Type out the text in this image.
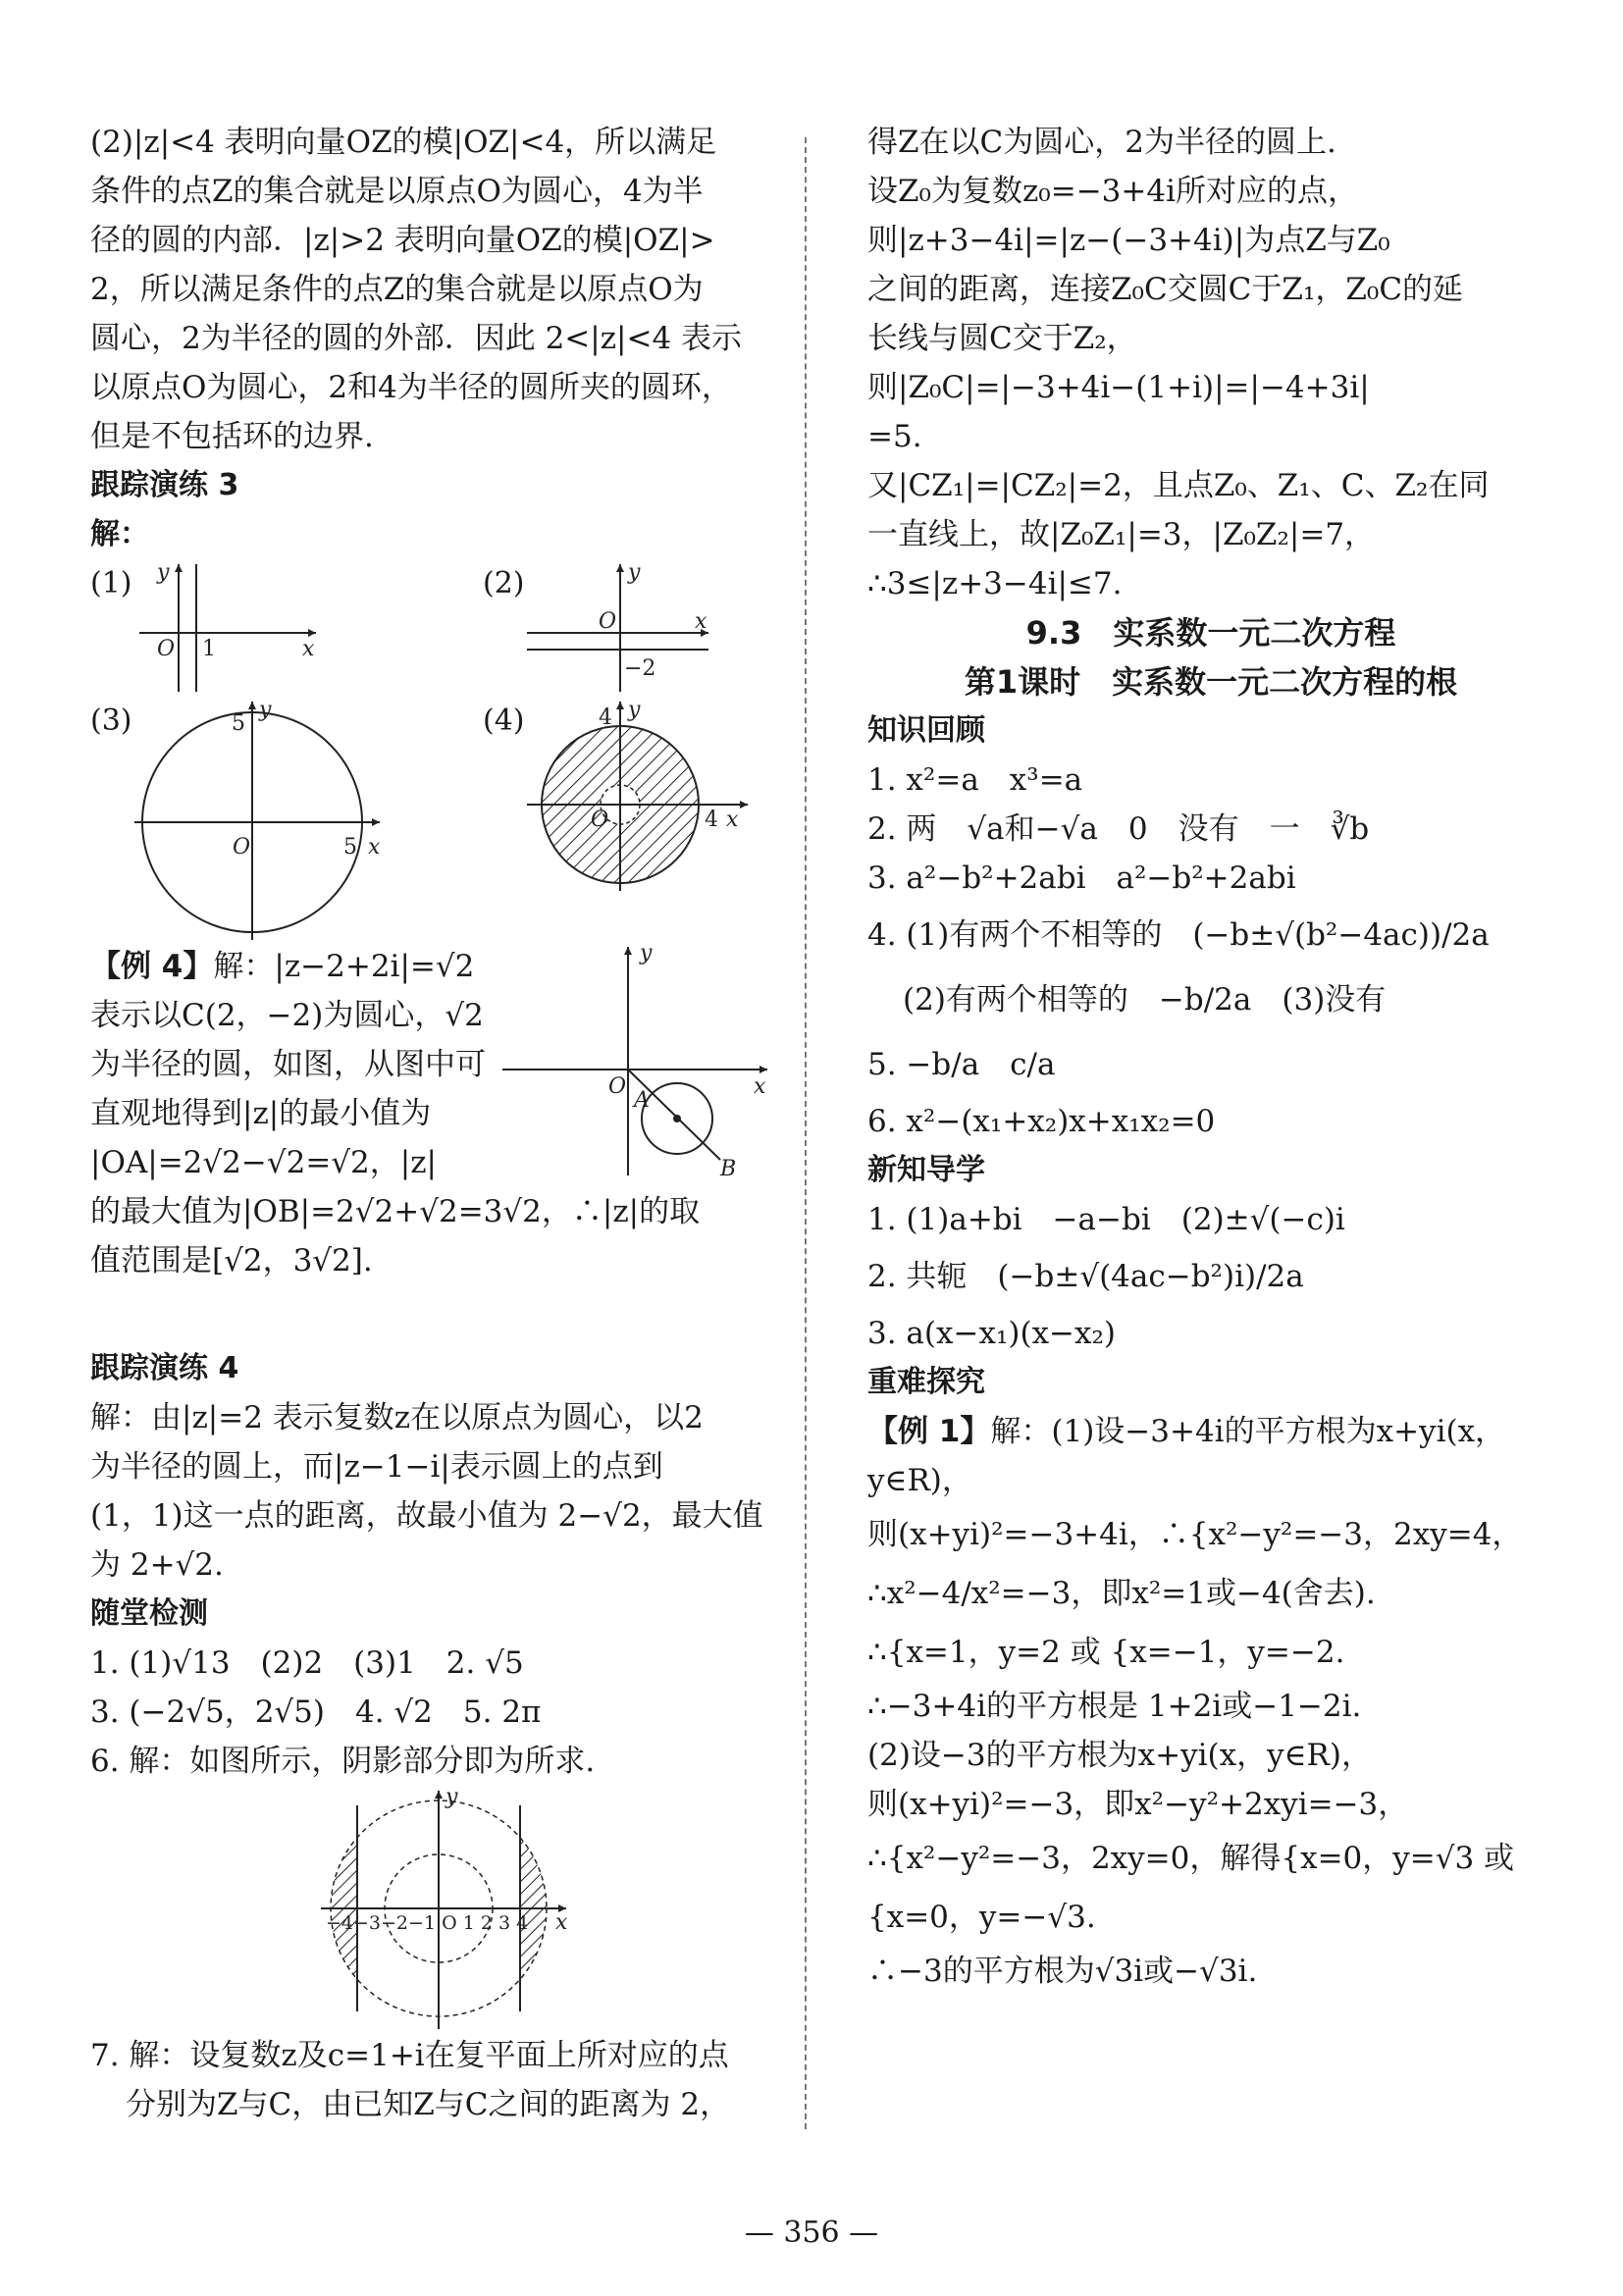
(2)|z|<4 表明向量OZ的模|OZ|<4，所以满足
条件的点Z的集合就是以原点O为圆心，4为半
径的圆的内部．|z|>2 表明向量OZ的模|OZ|>
2，所以满足条件的点Z的集合就是以原点O为
圆心，2为半径的圆的外部．因此 2<|z|<4 表示
以原点O为圆心，2和4为半径的圆所夹的圆环，
但是不包括环的边界.
跟踪演练 3
解：
(1)
O 1	x
y	(2)
O
−2
x
y
(3)
O
5
5 x
y	(4)	4
4
O	x
y
【例 4】解：|z−2+2i|=√2
表示以C(2，−2)为圆心，√2
为半径的圆，如图，从图中可
直观地得到|z|的最小值为
|OA|=2√2−√2=√2，|z|
O
A
B
x
y
的最大值为|OB|=2√2+√2=3√2，∴|z|的取
值范围是[√2，3√2].
跟踪演练 4
解：由|z|=2 表示复数z在以原点为圆心，以2
为半径的圆上，而|z−1−i|表示圆上的点到
(1，1)这一点的距离，故最小值为 2−√2，最大值
为 2+√2.
随堂检测
1. (1)√13　(2)2　(3)1　2. √5
3. (−2√5，2√5)　4. √2　5. 2π
6. 解：如图所示，阴影部分即为所求.
−4−3−2−1 O 1 2 3 4 x
y
7. 解：设复数z及c=1+i在复平面上所对应的点
分别为Z与C，由已知Z与C之间的距离为 2，
得Z在以C为圆心，2为半径的圆上.
设Z₀为复数z₀=−3+4i所对应的点，
则|z+3−4i|=|z−(−3+4i)|为点Z与Z₀
之间的距离，连接Z₀C交圆C于Z₁，Z₀C的延
长线与圆C交于Z₂，
则|Z₀C|=|−3+4i−(1+i)|=|−4+3i|
=5.
又|CZ₁|=|CZ₂|=2，且点Z₀、Z₁、C、Z₂在同
一直线上，故|Z₀Z₁|=3，|Z₀Z₂|=7，
∴3≤|z+3−4i|≤7.
9.3　实系数一元二次方程
第1课时　实系数一元二次方程的根
知识回顾
1. x²=a　x³=a
2. 两　√a和−√a　0　没有　一　∛b
3. a²−b²+2abi　a²−b²+2abi
4. (1)有两个不相等的　(−b±√(b²−4ac))/2a
(2)有两个相等的　−b/2a　(3)没有
5. −b/a　c/a
6. x²−(x₁+x₂)x+x₁x₂=0
新知导学
1. (1)a+bi　−a−bi　(2)±√(−c)i
2. 共轭　(−b±√(4ac−b²)i)/2a
3. a(x−x₁)(x−x₂)
重难探究
【例 1】解：(1)设−3+4i的平方根为x+yi(x，y∈R)，
则(x+yi)²=−3+4i，∴{x²−y²=−3，2xy=4，
∴x²−4/x²=−3，即x²=1或−4(舍去).
∴{x=1，y=2 或 {x=−1，y=−2.
∴−3+4i的平方根是 1+2i或−1−2i.
(2)设−3的平方根为x+yi(x，y∈R)，
则(x+yi)²=−3，即x²−y²+2xyi=−3，
∴{x²−y²=−3，2xy=0，解得{x=0，y=√3 或 {x=0，y=−√3.
∴−3的平方根为√3i或−√3i.
— 356 —
